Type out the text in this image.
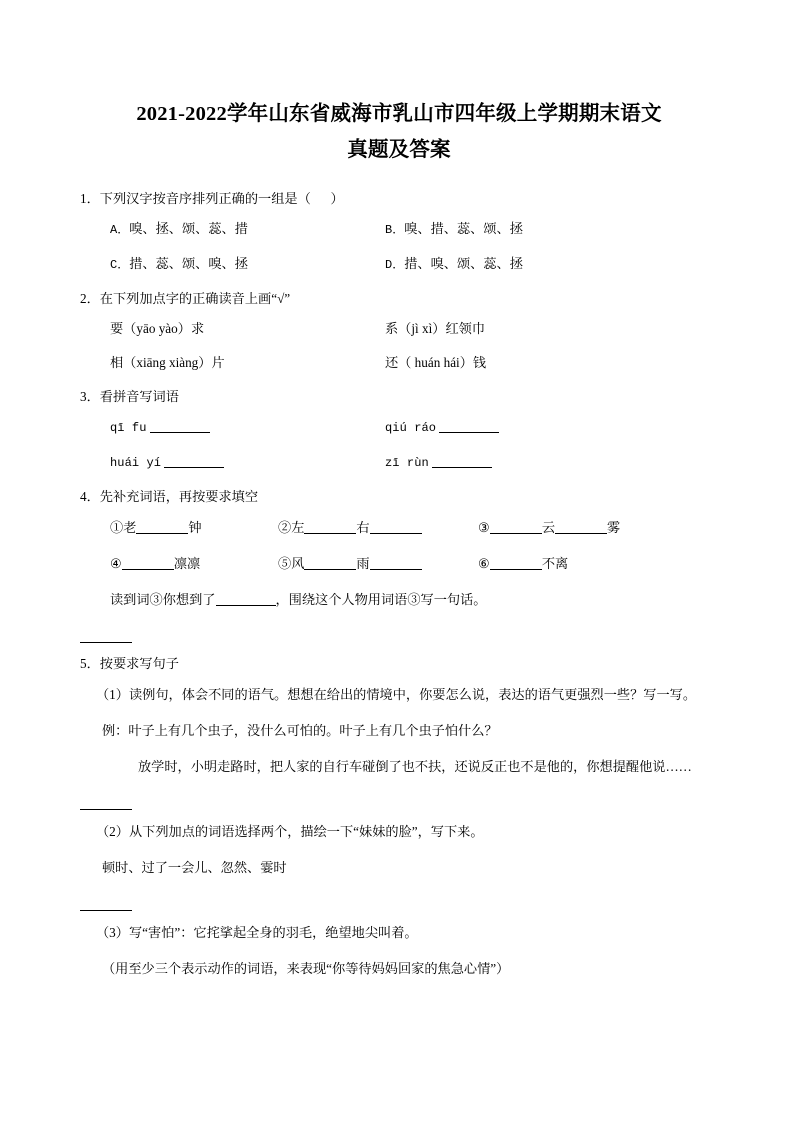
2021-2022学年山东省威海市乳山市四年级上学期期末语文
真题及答案

1．下列汉字按音序排列正确的一组是（      ）

A．嗅、拯、颂、蕊、措	B．嗅、措、蕊、颂、拯
C．措、蕊、颂、嗅、拯	D．措、嗅、颂、蕊、拯

2．在下列加点字的正确读音上画“√”

要（yāo yào）求	系（jì xì）红领巾
相（xiāng xiàng）片	还（ huán hái）钱

3．看拼音写词语

qī fu	qiú ráo
huái yí	zī rùn

4．先补充词语，再按要求填空

①老	钟	②左	右	③	云	雾
④	凛凛	⑤风	雨	⑥	不离

读到词③你想到了	，围绕这个人物用词语③写一句话。

5．按要求写句子

（1）读例句，体会不同的语气。想想在给出的情境中，你要怎么说，表达的语气更强烈一些？写一写。

例：叶子上有几个虫子，没什么可怕的。叶子上有几个虫子怕什么？

放学时，小明走路时，把人家的自行车碰倒了也不扶，还说反正也不是他的，你想提醒他说……

（2）从下列加点的词语选择两个，描绘一下“妹妹的脸”，写下来。

顿时、过了一会儿、忽然、霎时

（3）写“害怕”：它挓挲起全身的羽毛，绝望地尖叫着。

（用至少三个表示动作的词语，来表现“你等待妈妈回家的焦急心情”）
